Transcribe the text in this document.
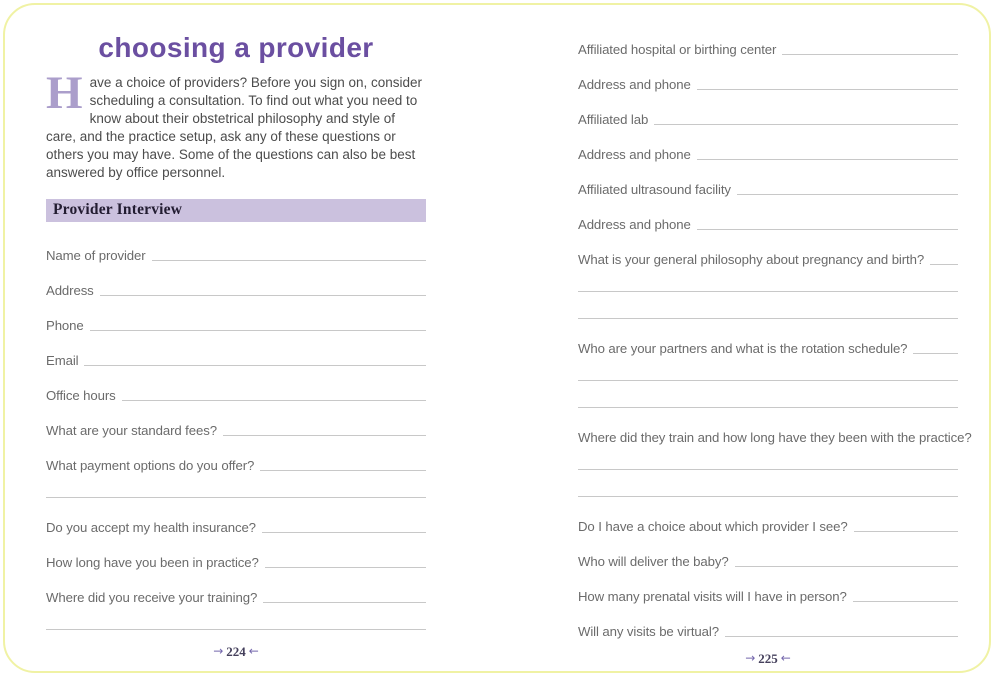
choosing a provider

Have a choice of providers? Before you sign on, consider scheduling a consultation. To find out what you need to know about their obstetrical philosophy and style of care, and the practice setup, ask any of these questions or others you may have. Some of the questions can also be best answered by office personnel.

Provider Interview
Name of provider
Address
Phone
Email
Office hours
What are your standard fees?
What payment options do you offer?
Do you accept my health insurance?
How long have you been in practice?
Where did you receive your training?
→ 224 ←
Affiliated hospital or birthing center
Address and phone
Affiliated lab
Address and phone
Affiliated ultrasound facility
Address and phone
What is your general philosophy about pregnancy and birth?
Who are your partners and what is the rotation schedule?
Where did they train and how long have they been with the practice?
Do I have a choice about which provider I see?
Who will deliver the baby?
How many prenatal visits will I have in person?
Will any visits be virtual?
→ 225 ←
